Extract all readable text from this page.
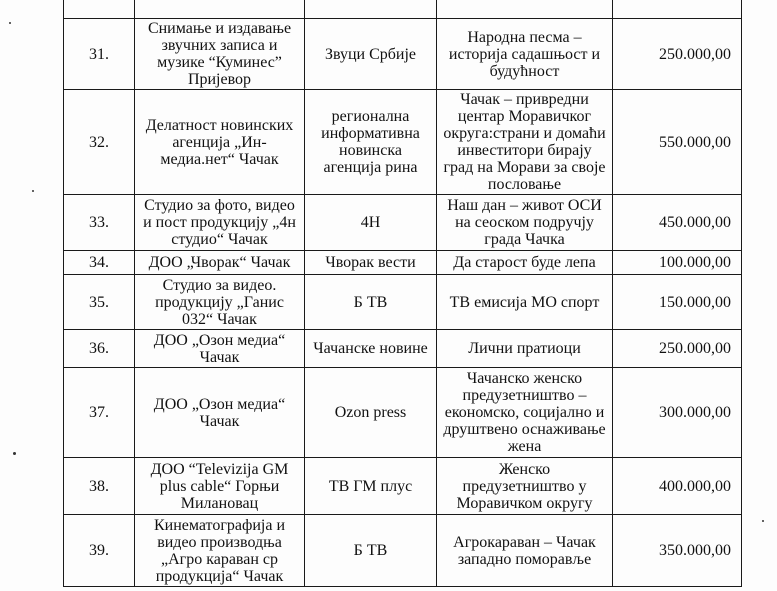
31.	Снимање и издавање звучних записа и музике “Куминес” Пријевор	Звуци Србије	Народна песма – историја садашњост и будућност	250.000,00
32.	Делатност новинских агенција „Ин-медиа.нет“ Чачак	регионална информативна новинска агенција рина	Чачак – привредни центар Моравичког округа:страни и домаћи инвеститори бирају град на Морави за своје пословање	550.000,00
33.	Студио за фото, видео и пост продукцију „4н студио“ Чачак	4Н	Наш дан – живот ОСИ на сеоском подручју града Чачка	450.000,00
34.	ДОО „Чворак“ Чачак	Чворак вести	Да старост буде лепа	100.000,00
35.	Студио за видео. продукцију „Ганис 032“ Чачак	Б ТВ	ТВ емисија МО спорт	150.000,00
36.	ДОО „Озон медиа“ Чачак	Чачанске новине	Лични пратиоци	250.000,00
37.	ДОО „Озон медиа“ Чачак	Ozon press	Чачанско женско предузетништво – економско, социјално и друштвено оснаживање жена	300.000,00
38.	ДОО “Televizija GM plus cable“ Горњи Милановац	ТВ ГМ плус	Женско предузетништво у Моравичком округу	400.000,00
39.	Кинематографија и видео производња „Агро караван ср продукција“ Чачак	Б ТВ	Агрокараван – Чачак западно поморавље	350.000,00
